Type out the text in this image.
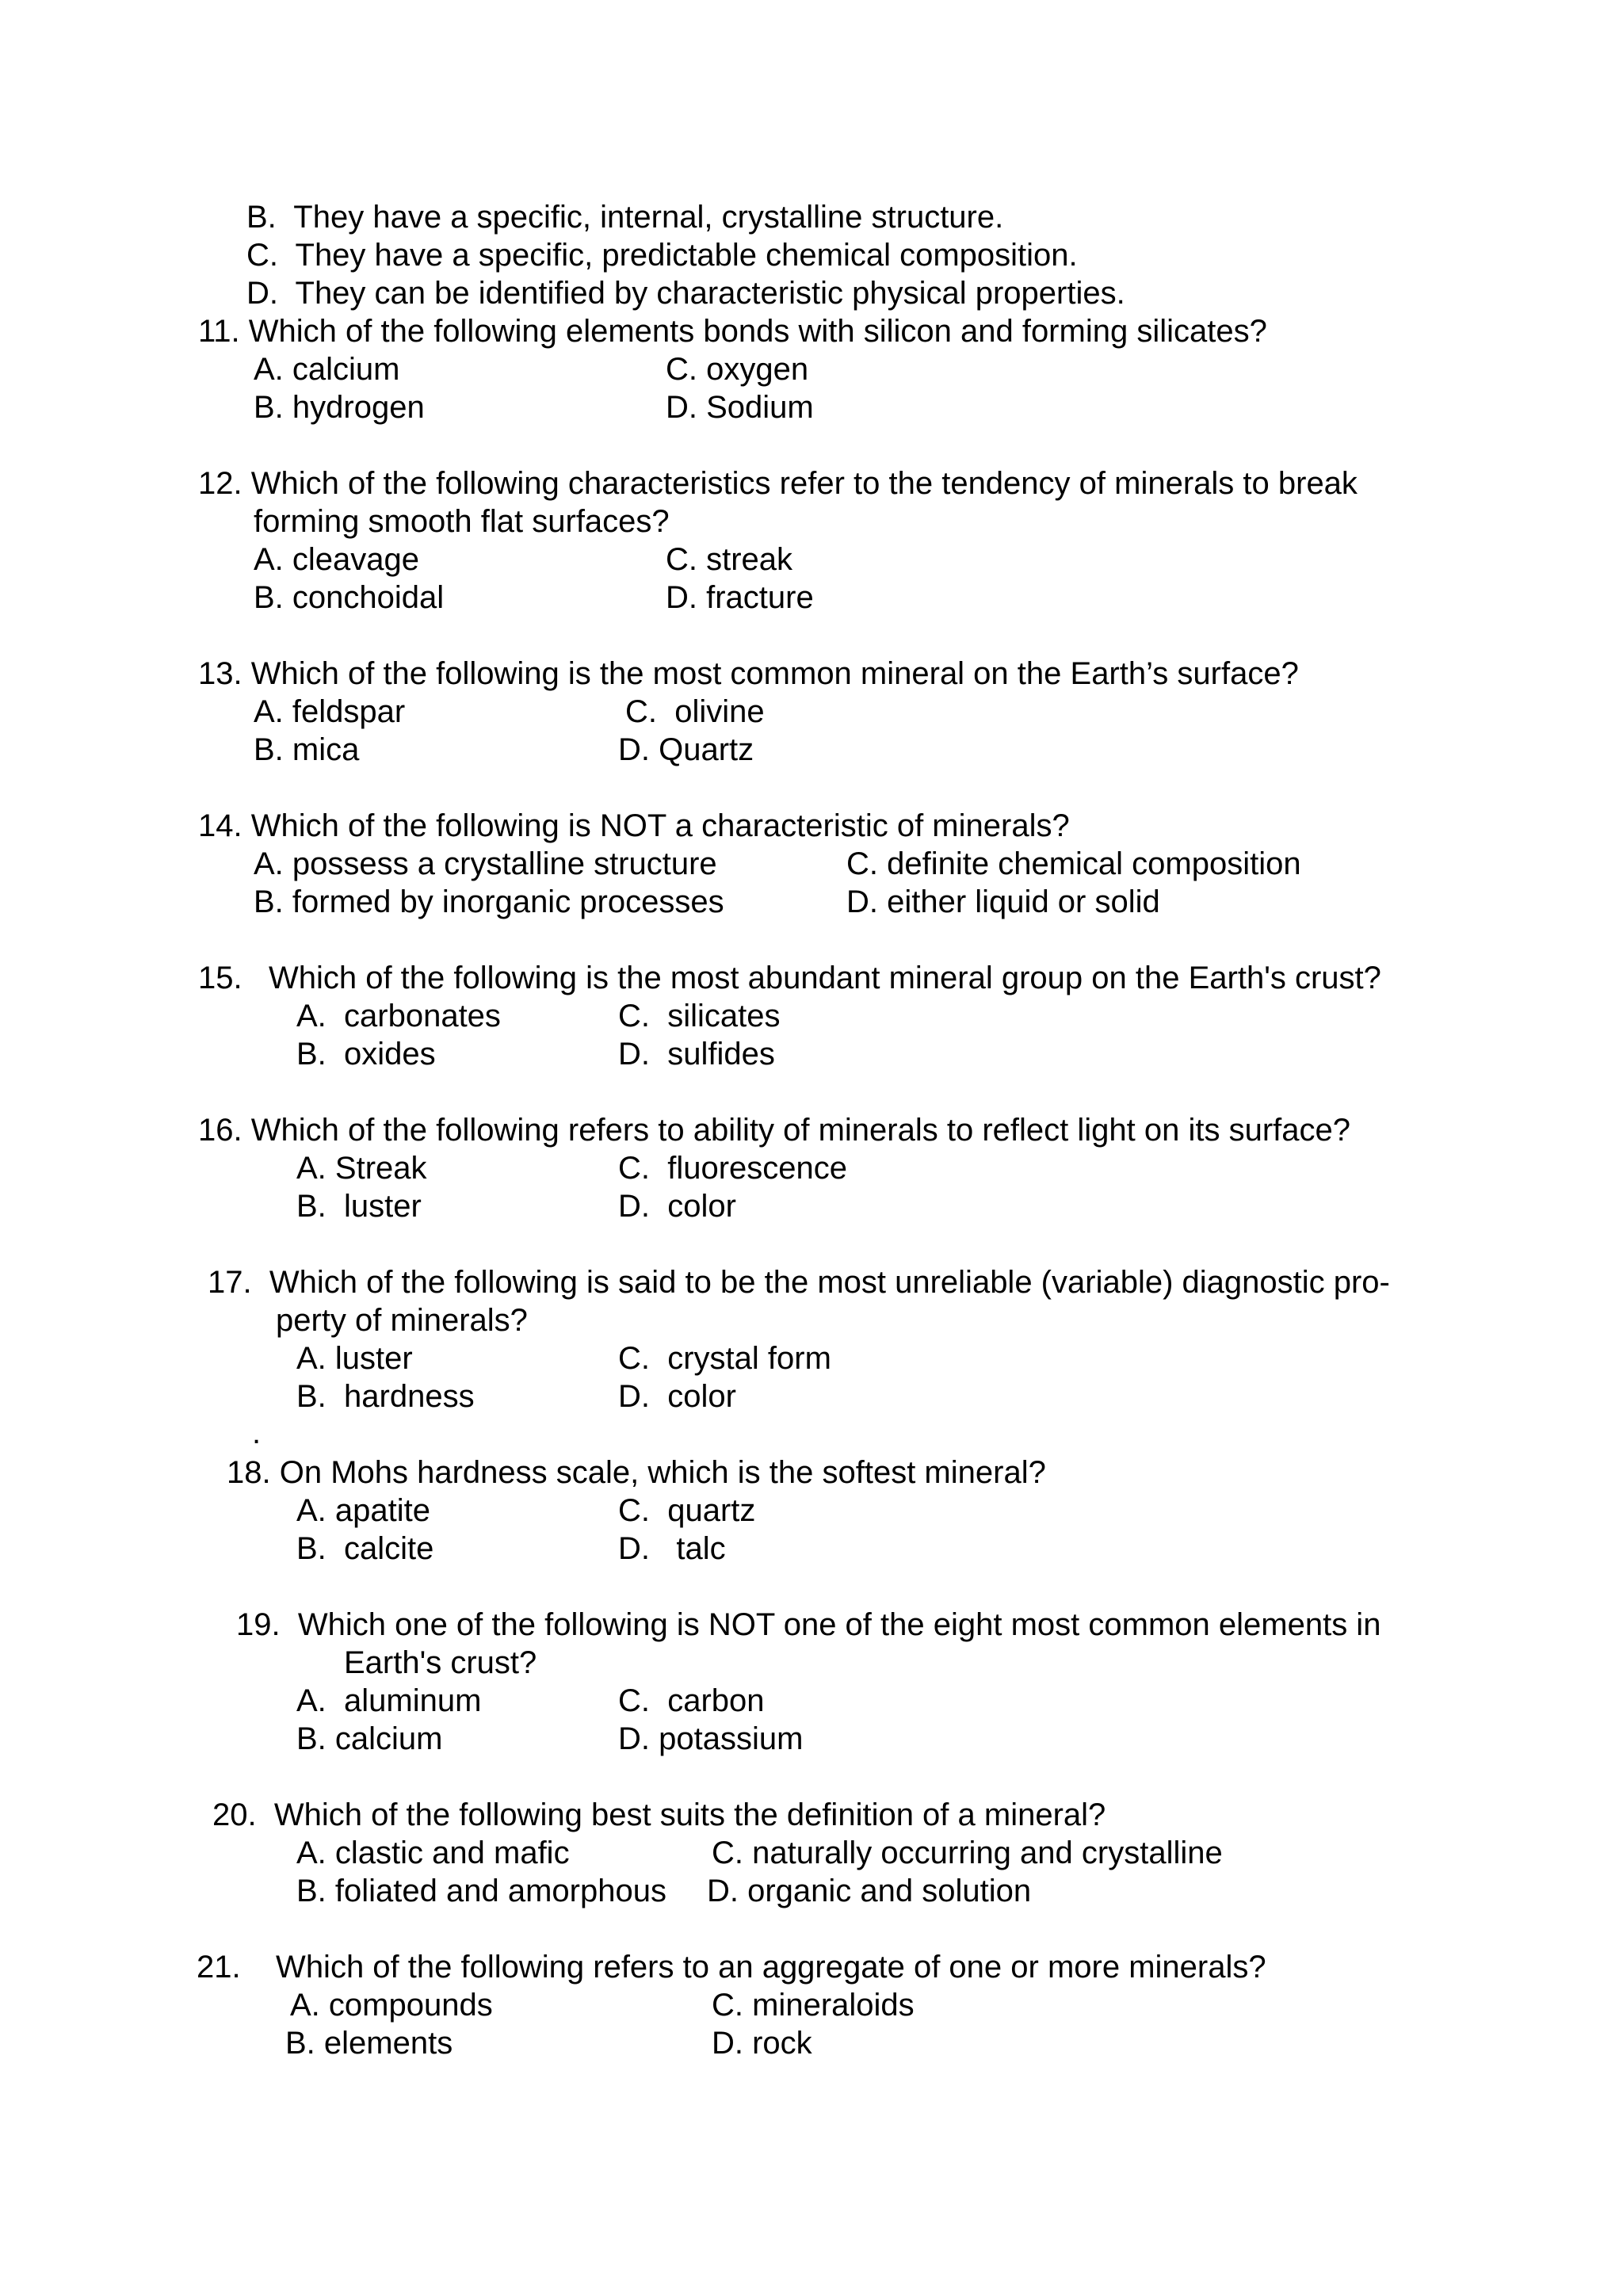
B.  They have a specific, internal, crystalline structure.

C.  They have a specific, predictable chemical composition.

D.  They can be identified by characteristic physical properties.

11. Which of the following elements bonds with silicon and forming silicates?

A. calcium	C. oxygen

B. hydrogen	D. Sodium

12. Which of the following characteristics refer to the tendency of minerals to break

forming smooth flat surfaces?

A. cleavage	C. streak

B. conchoidal	D. fracture

13. Which of the following is the most common mineral on the Earth’s surface?

A. feldspar	C.  olivine

B. mica	D. Quartz

14. Which of the following is NOT a characteristic of minerals?

A. possess a crystalline structure	C. definite chemical composition

B. formed by inorganic processes	D. either liquid or solid

15.   Which of the following is the most abundant mineral group on the Earth's crust?

A.  carbonates	C.  silicates

B.  oxides	D.  sulfides

16. Which of the following refers to ability of minerals to reflect light on its surface?

A. Streak	C.  fluorescence

B.  luster	D.  color

17.  Which of the following is said to be the most unreliable (variable) diagnostic pro-

perty of minerals?

A. luster	C.  crystal form

B.  hardness	D.  color

.

18. On Mohs hardness scale, which is the softest mineral?

A. apatite	C.  quartz

B.  calcite	D.   talc

19.  Which one of the following is NOT one of the eight most common elements in

Earth's crust?

A.  aluminum	C.  carbon

B. calcium	D. potassium

20.  Which of the following best suits the definition of a mineral?

A. clastic and mafic	C. naturally occurring and crystalline

B. foliated and amorphous D. organic and solution

21.    Which of the following refers to an aggregate of one or more minerals?

A. compounds	C. mineraloids

B. elements	D. rock
